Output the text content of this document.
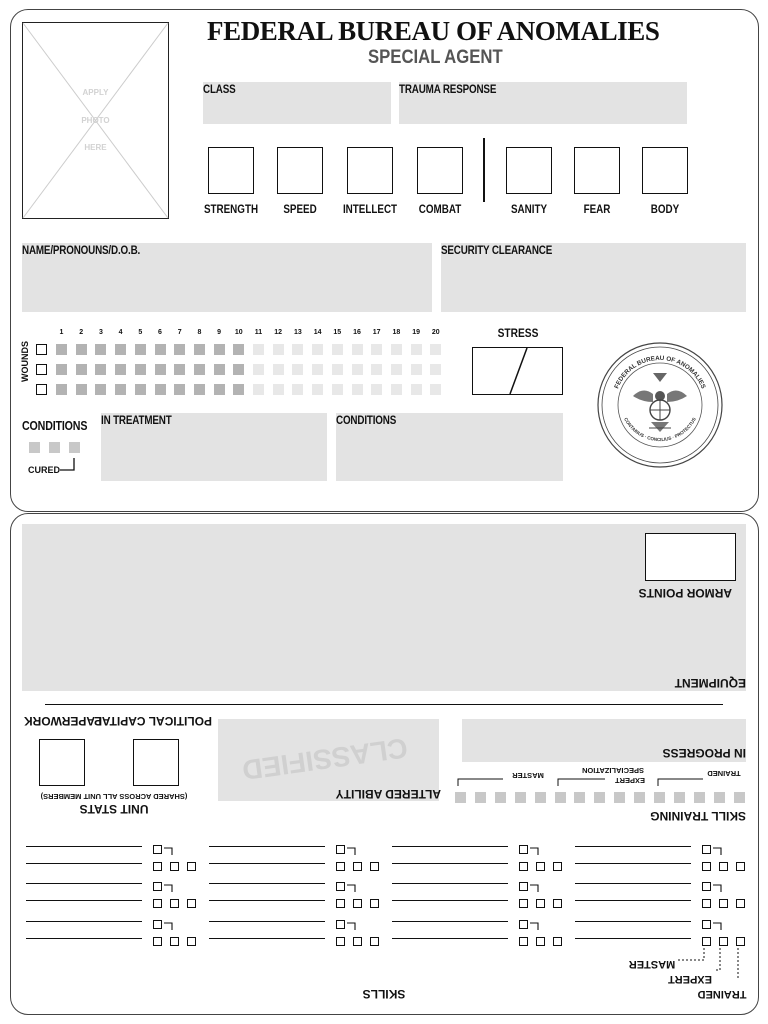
APPLY
PHOTO
HERE
FEDERAL BUREAU OF ANOMALIES
SPECIAL AGENT
CLASS	TRAUMA RESPONSE
STRENGTH	SPEED	INTELLECT	COMBAT	SANITY	FEAR	BODY
NAME/PRONOUNS/D.O.B.	SECURITY CLEARANCE
WOUNDS
1	2	3	4	5	6	7	8	9	10	11	12	13	14	15	16	17	18	19	20	STRESS
FEDERAL BUREAU OF ANOMALIES
CONTAINUS · CONCILIUS · PROTECTUS
CONDITIONS
CURED
IN TREATMENT	CONDITIONS
ARMOR POINTS
EQUIPMENT
PAPERWORK
POLITICAL CAPITAL
(SHARED ACROSS ALL UNIT MEMBERS)
UNIT STATS
CLASSIFIED
ALTERED ABILITY
IN PROGRESS
TRAINED
EXPERT
SPECIALIZATION
MASTER
SKILL TRAINING
SKILLS	TRAINED
EXPERT
MASTER
